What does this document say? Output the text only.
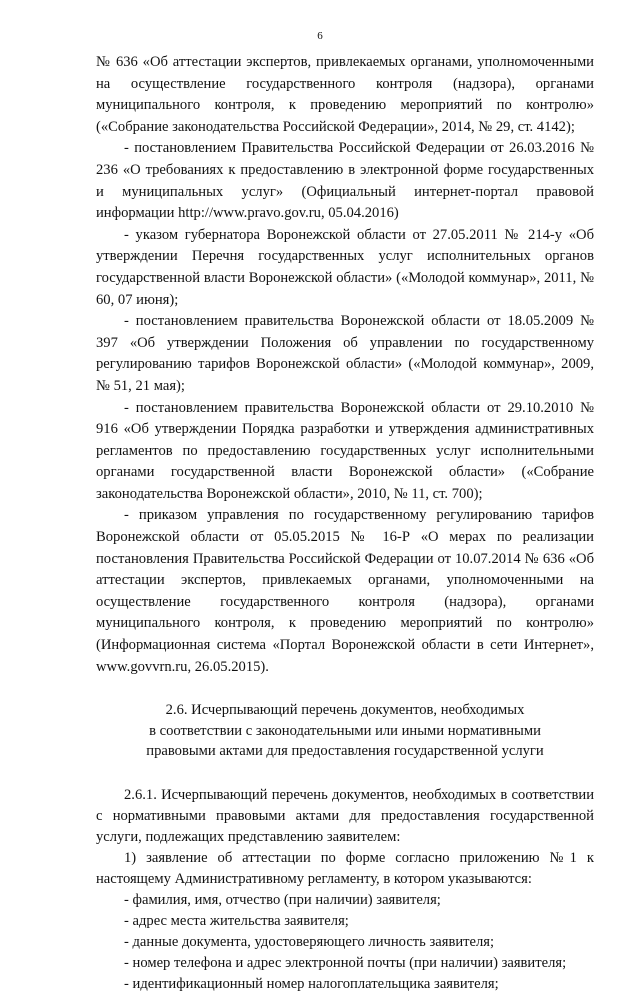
6

№ 636 «Об аттестации экспертов, привлекаемых органами, уполномоченными на осуществление государственного контроля (надзора), органами муниципального контроля, к проведению мероприятий по контролю» («Собрание законодательства Российской Федерации», 2014, № 29, ст. 4142);

- постановлением Правительства Российской Федерации от 26.03.2016 № 236 «О требованиях к предоставлению в электронной форме государственных и муниципальных услуг» (Официальный интернет-портал правовой информации http://www.pravo.gov.ru, 05.04.2016)

- указом губернатора Воронежской области от 27.05.2011 № 214-у «Об утверждении Перечня государственных услуг исполнительных органов государственной власти Воронежской области» («Молодой коммунар», 2011, № 60, 07 июня);

- постановлением правительства Воронежской области от 18.05.2009 № 397 «Об утверждении Положения об управлении по государственному регулированию тарифов Воронежской области» («Молодой коммунар», 2009, № 51, 21 мая);

- постановлением правительства Воронежской области от 29.10.2010 № 916 «Об утверждении Порядка разработки и утверждения административных регламентов по предоставлению государственных услуг исполнительными органами государственной власти Воронежской области» («Собрание законодательства Воронежской области», 2010, № 11, ст. 700);

- приказом управления по государственному регулированию тарифов Воронежской области от 05.05.2015 № 16-Р «О мерах по реализации постановления Правительства Российской Федерации от 10.07.2014 № 636 «Об аттестации экспертов, привлекаемых органами, уполномоченными на осуществление государственного контроля (надзора), органами муниципального контроля, к проведению мероприятий по контролю» (Информационная система «Портал Воронежской области в сети Интернет», www.govvrn.ru, 26.05.2015).

2.6. Исчерпывающий перечень документов, необходимых
в соответствии с законодательными или иными нормативными
правовыми актами для предоставления государственной услуги

2.6.1. Исчерпывающий перечень документов, необходимых в соответствии с нормативными правовыми актами для предоставления государственной услуги, подлежащих представлению заявителем:

1) заявление об аттестации по форме согласно приложению №1 к настоящему Административному регламенту, в котором указываются:

- фамилия, имя, отчество (при наличии) заявителя;

- адрес места жительства заявителя;

- данные документа, удостоверяющего личность заявителя;

- номер телефона и адрес электронной почты (при наличии) заявителя;

- идентификационный номер налогоплательщика заявителя;
